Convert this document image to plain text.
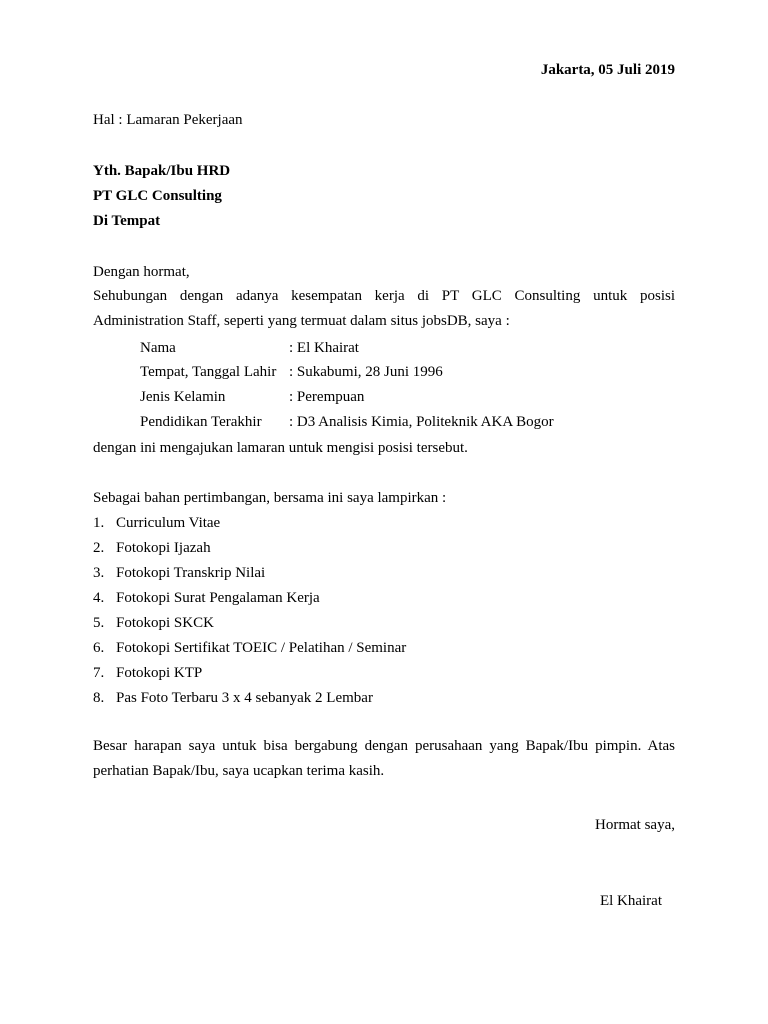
Jakarta, 05 Juli 2019
Hal : Lamaran Pekerjaan
Yth. Bapak/Ibu HRD
PT GLC Consulting
Di Tempat
Dengan hormat,
Sehubungan dengan adanya kesempatan kerja di PT GLC Consulting untuk posisi
Administration Staff, seperti yang termuat dalam situs jobsDB, saya :
Nama	: El Khairat
Tempat, Tanggal Lahir : Sukabumi, 28 Juni 1996
Jenis Kelamin	: Perempuan
Pendidikan Terakhir : D3 Analisis Kimia, Politeknik AKA Bogor
dengan ini mengajukan lamaran untuk mengisi posisi tersebut.
Sebagai bahan pertimbangan, bersama ini saya lampirkan :
1. Curriculum Vitae
2. Fotokopi Ijazah
3. Fotokopi Transkrip Nilai
4. Fotokopi Surat Pengalaman Kerja
5. Fotokopi SKCK
6. Fotokopi Sertifikat TOEIC / Pelatihan / Seminar
7. Fotokopi KTP
8. Pas Foto Terbaru 3 x 4 sebanyak 2 Lembar
Besar harapan saya untuk bisa bergabung dengan perusahaan yang Bapak/Ibu pimpin. Atas
perhatian Bapak/Ibu, saya ucapkan terima kasih.
Hormat saya,
El Khairat
